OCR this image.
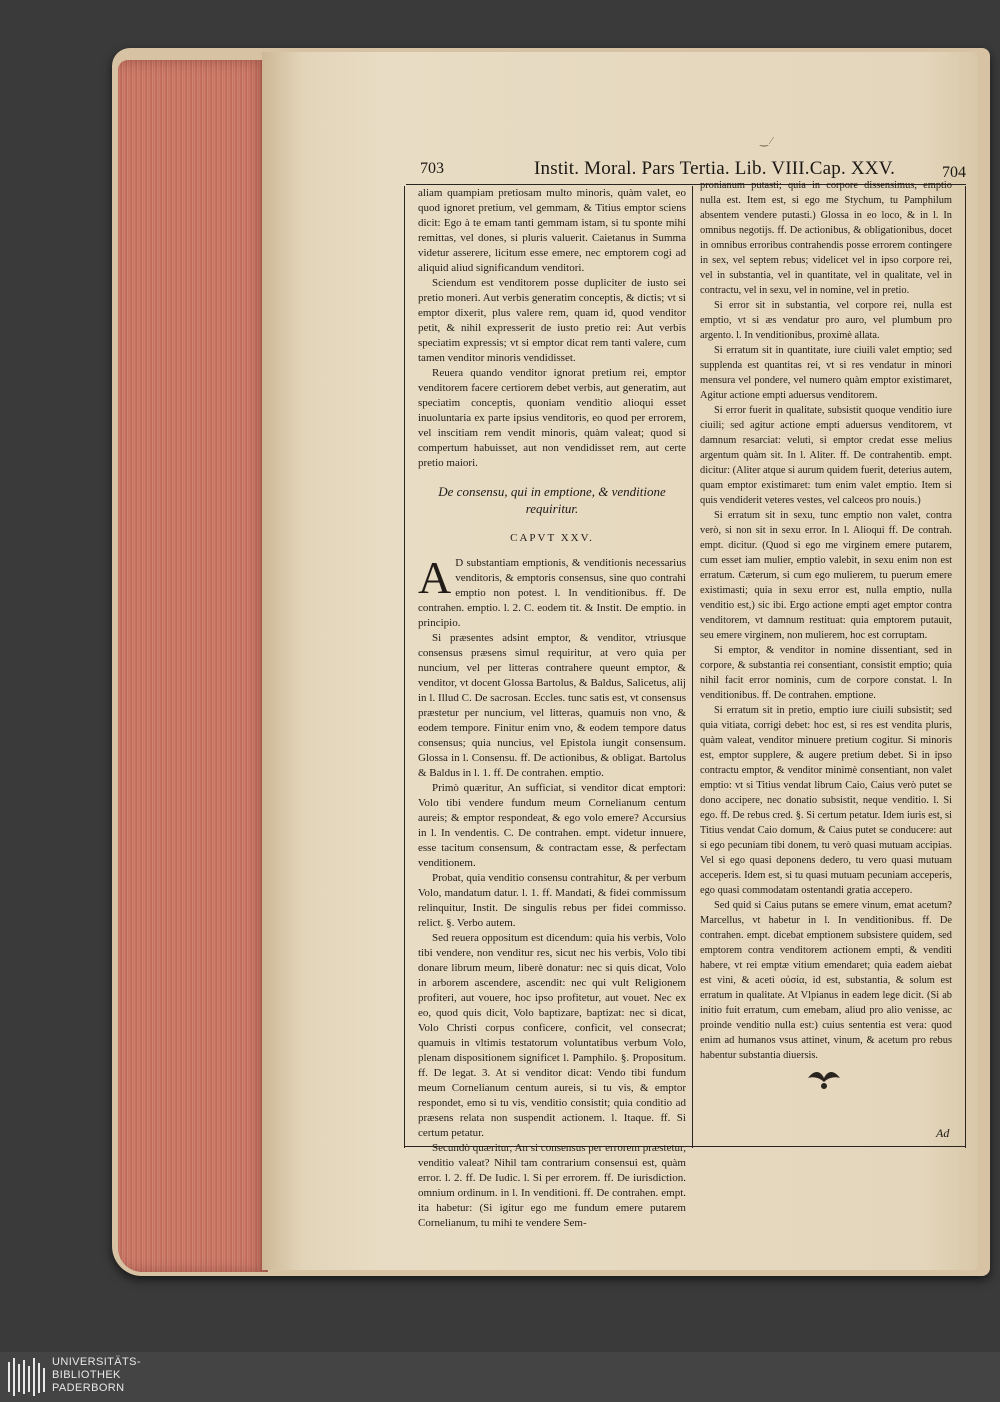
‿ ⁄
703	Instit. Moral. Pars Tertia. Lib. VIII.Cap. XXV.	704

aliam quampiam pretiosam multo minoris, quàm valet, eo quod ignoret pretium, vel gemmam, & Titius emptor sciens dicit: Ego à te emam tanti gemmam istam, si tu sponte mihi remittas, vel dones, si pluris valuerit. Caietanus in Summa videtur asserere, licitum esse emere, nec emptorem cogi ad aliquid aliud significandum venditori.

Sciendum est venditorem posse dupliciter de iusto sei pretio moneri. Aut verbis generatim conceptis, & dictis; vt si emptor dixerit, plus valere rem, quam id, quod venditor petit, & nihil expresserit de iusto pretio rei: Aut verbis speciatim expressis; vt si emptor dicat rem tanti valere, cum tamen venditor minoris vendidisset.

Reuera quando venditor ignorat pretium rei, emptor venditorem facere certiorem debet verbis, aut generatim, aut speciatim conceptis, quoniam venditio alioqui esset inuoluntaria ex parte ipsius venditoris, eo quod per errorem, vel inscitiam rem vendit minoris, quàm valeat; quod si compertum habuisset, aut non vendidisset rem, aut certe pretio maiori.

De consensu, qui in emptione, & venditione requiritur.
CAPVT XXV.
A D substantiam emptionis, & venditionis necessarius venditoris, & emptoris consensus, sine quo contrahi emptio non potest. l. In venditionibus. ff. De contrahen. emptio. l. 2. C. eodem tit. & Instit. De emptio. in principio.

Si præsentes adsint emptor, & venditor, vtriusque consensus præsens simul requiritur, at vero quia per nuncium, vel per litteras contrahere queunt emptor, & venditor, vt docent Glossa Bartolus, & Baldus, Salicetus, alij in l. Illud C. De sacrosan. Eccles. tunc satis est, vt consensus præstetur per nuncium, vel litteras, quamuis non vno, & eodem tempore. Finitur enim vno, & eodem tempore datus consensus; quia nuncius, vel Epistola iungit consensum. Glossa in l. Consensu. ff. De actionibus, & obligat. Bartolus & Baldus in l. 1. ff. De contrahen. emptio.

Primò quæritur, An sufficiat, si venditor dicat emptori: Volo tibi vendere fundum meum Cornelianum centum aureis; & emptor respondeat, & ego volo emere? Accursius in l. In vendentis. C. De contrahen. empt. videtur innuere, esse tacitum consensum, & contractam esse, & perfectam venditionem.

Probat, quia venditio consensu contrahitur, & per verbum Volo, mandatum datur. l. 1. ff. Mandati, & fidei commissum relinquitur, Instit. De singulis rebus per fidei commisso. relict. §. Verbo autem.

Sed reuera oppositum est dicendum: quia his verbis, Volo tibi vendere, non venditur res, sicut nec his verbis, Volo tibi donare librum meum, liberè donatur: nec si quis dicat, Volo in arborem ascendere, ascendit: nec qui vult Religionem profiteri, aut vouere, hoc ipso profitetur, aut vouet. Nec ex eo, quod quis dicit, Volo baptizare, baptizat: nec si dicat, Volo Christi corpus conficere, conficit, vel consecrat; quamuis in vltimis testatorum voluntatibus verbum Volo, plenam dispositionem significet l. Pamphilo. §. Propositum. ff. De legat. 3. At si venditor dicat: Vendo tibi fundum meum Cornelianum centum aureis, si tu vis, & emptor respondet, emo si tu vis, venditio consistit; quia conditio ad præsens relata non suspendit actionem. l. Itaque. ff. Si certum petatur.

Secundò quæritur, An si consensus per errorem præstetur, venditio valeat? Nihil tam contrarium consensui est, quàm error. l. 2. ff. De Iudic. l. Si per errorem. ff. De iurisdiction. omnium ordinum. in l. In venditioni. ff. De contrahen. empt. ita habetur: (Si igitur ego me fundum emere putarem Cornelianum, tu mihi te vendere Sem-

pronianum putasti; quia in corpore dissensimus, emptio nulla est. Item est, si ego me Stychum, tu Pamphilum absentem vendere putasti.) Glossa in eo loco, & in l. In omnibus negotijs. ff. De actionibus, & obligationibus, docet in omnibus erroribus contrahendis posse errorem contingere in sex, vel septem rebus; videlicet vel in ipso corpore rei, vel in substantia, vel in quantitate, vel in qualitate, vel in contractu, vel in sexu, vel in nomine, vel in pretio.

Si error sit in substantia, vel corpore rei, nulla est emptio, vt si æs vendatur pro auro, vel plumbum pro argento. l. In venditionibus, proximè allata.

Si erratum sit in quantitate, iure ciuili valet emptio; sed supplenda est quantitas rei, vt si res vendatur in minori mensura vel pondere, vel numero quàm emptor existimaret, Agitur actione empti aduersus venditorem.

Si error fuerit in qualitate, subsistit quoque venditio iure ciuili; sed agitur actione empti aduersus venditorem, vt damnum resarciat: veluti, si emptor credat esse melius argentum quàm sit. In l. Aliter. ff. De contrahentib. empt. dicitur: (Aliter atque si aurum quidem fuerit, deterius autem, quam emptor existimaret: tum enim valet emptio. Item si quis vendiderit veteres vestes, vel calceos pro nouis.)

Si erratum sit in sexu, tunc emptio non valet, contra verò, si non sit in sexu error. In l. Alioqui ff. De contrah. empt. dicitur. (Quod si ego me virginem emere putarem, cum esset iam mulier, emptio valebit, in sexu enim non est erratum. Cæterum, si cum ego mulierem, tu puerum emere existimasti; quia in sexu error est, nulla emptio, nulla venditio est,) sic ibi. Ergo actione empti aget emptor contra venditorem, vt damnum restituat: quia emptorem putauit, seu emere virginem, non mulierem, hoc est corruptam.

Si emptor, & venditor in nomine dissentiant, sed in corpore, & substantia rei consentiant, consistit emptio; quia nihil facit error nominis, cum de corpore constat. l. In venditionibus. ff. De contrahen. emptione.

Si erratum sit in pretio, emptio iure ciuili subsistit; sed quia vitiata, corrigi debet: hoc est, si res est vendita pluris, quàm valeat, venditor minuere pretium cogitur. Si minoris est, emptor supplere, & augere pretium debet. Si in ipso contractu emptor, & venditor minimè consentiant, non valet emptio: vt si Titius vendat librum Caio, Caius verò putet se dono accipere, nec donatio subsistit, neque venditio. l. Si ego. ff. De rebus cred. §. Si certum petatur. Idem iuris est, si Titius vendat Caio domum, & Caius putet se conducere: aut si ego pecuniam tibi donem, tu verò quasi mutuam accipias. Vel si ego quasi deponens dedero, tu vero quasi mutuam acceperis. Idem est, si tu quasi mutuam pecuniam acceperis, ego quasi commodatam ostentandi gratia accepero.

Sed quid si Caius putans se emere vinum, emat acetum? Marcellus, vt habetur in l. In venditionibus. ff. De contrahen. empt. dicebat emptionem subsistere quidem, sed emptorem contra venditorem actionem empti, & venditi habere, vt rei emptæ vitium emendaret; quia eadem aiebat est vini, & aceti οὐσία, id est, substantia, & solum est erratum in qualitate. At Vlpianus in eadem lege dicit. (Si ab initio fuit erratum, cum emebam, aliud pro alio venisse, ac proinde venditio nulla est:) cuius sententia est vera: quod enim ad humanos vsus attinet, vinum, & acetum pro rebus habentur substantia diuersis.

Ad
UNIVERSITÄTS-
BIBLIOTHEK
PADERBORN
